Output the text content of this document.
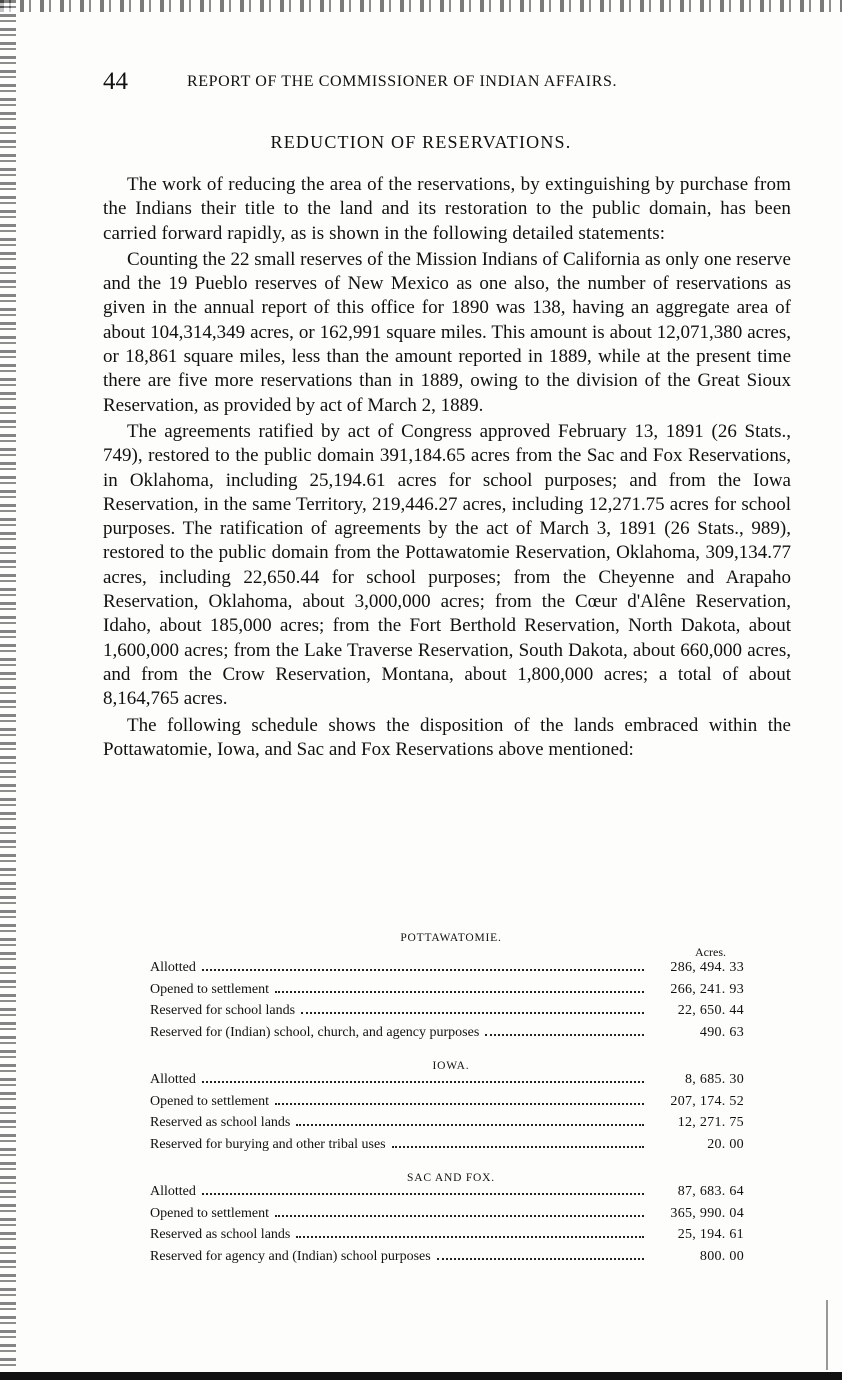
44	REPORT OF THE COMMISSIONER OF INDIAN AFFAIRS.
REDUCTION OF RESERVATIONS.

The work of reducing the area of the reservations, by extinguishing by purchase from the Indians their title to the land and its restoration to the public domain, has been carried forward rapidly, as is shown in the following detailed statements:

Counting the 22 small reserves of the Mission Indians of California as only one reserve and the 19 Pueblo reserves of New Mexico as one also, the number of reservations as given in the annual report of this office for 1890 was 138, having an aggregate area of about 104,314,349 acres, or 162,991 square miles. This amount is about 12,071,380 acres, or 18,861 square miles, less than the amount reported in 1889, while at the present time there are five more reservations than in 1889, owing to the division of the Great Sioux Reservation, as provided by act of March 2, 1889.

The agreements ratified by act of Congress approved February 13, 1891 (26 Stats., 749), restored to the public domain 391,184.65 acres from the Sac and Fox Reservations, in Oklahoma, including 25,194.61 acres for school purposes; and from the Iowa Reservation, in the same Territory, 219,446.27 acres, including 12,271.75 acres for school purposes. The ratification of agreements by the act of March 3, 1891 (26 Stats., 989), restored to the public domain from the Pottawatomie Reservation, Oklahoma, 309,134.77 acres, including 22,650.44 for school purposes; from the Cheyenne and Arapaho Reservation, Oklahoma, about 3,000,000 acres; from the Cœur d'Alêne Reservation, Idaho, about 185,000 acres; from the Fort Berthold Reservation, North Dakota, about 1,600,000 acres; from the Lake Traverse Reservation, South Dakota, about 660,000 acres, and from the Crow Reservation, Montana, about 1,800,000 acres; a total of about 8,164,765 acres.

The following schedule shows the disposition of the lands embraced within the Pottawatomie, Iowa, and Sac and Fox Reservations above mentioned:

POTTAWATOMIE.
Acres.
Allotted	286, 494. 33
Opened to settlement	266, 241. 93
Reserved for school lands	22, 650. 44
Reserved for (Indian) school, church, and agency purposes	490. 63
IOWA.
Allotted	8, 685. 30
Opened to settlement	207, 174. 52
Reserved as school lands	12, 271. 75
Reserved for burying and other tribal uses	20. 00
SAC AND FOX.
Allotted	87, 683. 64
Opened to settlement	365, 990. 04
Reserved as school lands	25, 194. 61
Reserved for agency and (Indian) school purposes	800. 00
